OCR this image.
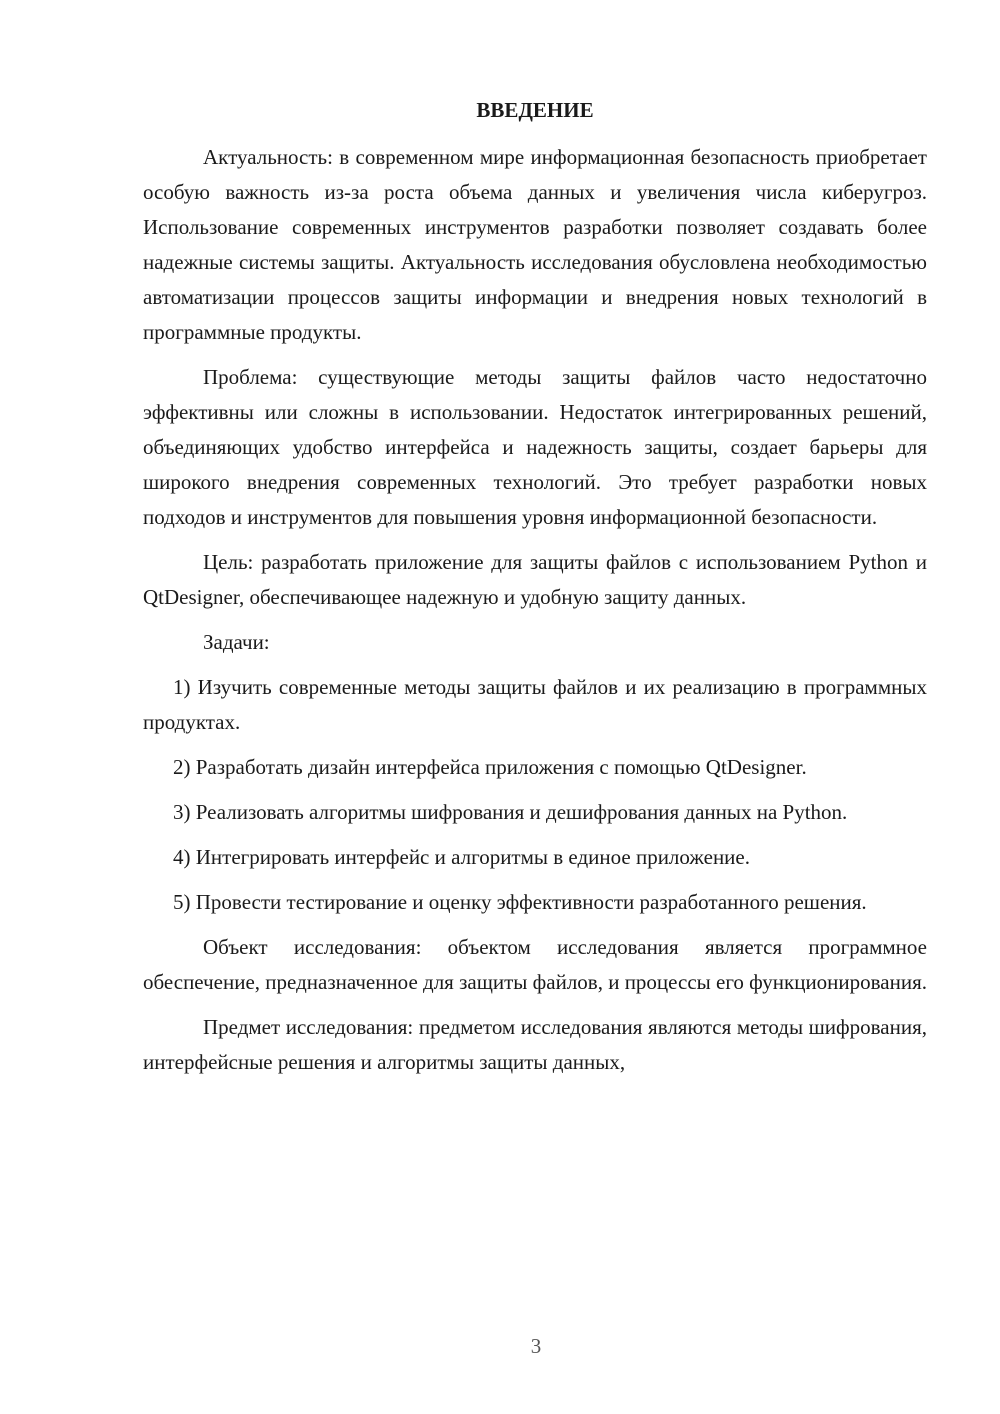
ВВЕДЕНИЕ

Актуальность: в современном мире информационная безопасность приобретает особую важность из-за роста объема данных и увеличения числа киберугроз. Использование современных инструментов разработки позволяет создавать более надежные системы защиты. Актуальность исследования обусловлена необходимостью автоматизации процессов защиты информации и внедрения новых технологий в программные продукты.

Проблема: существующие методы защиты файлов часто недостаточно эффективны или сложны в использовании. Недостаток интегрированных решений, объединяющих удобство интерфейса и надежность защиты, создает барьеры для широкого внедрения современных технологий. Это требует разработки новых подходов и инструментов для повышения уровня информационной безопасности.

Цель: разработать приложение для защиты файлов с использованием Python и QtDesigner, обеспечивающее надежную и удобную защиту данных.

Задачи:

1) Изучить современные методы защиты файлов и их реализацию в программных продуктах.

2) Разработать дизайн интерфейса приложения с помощью QtDesigner.

3) Реализовать алгоритмы шифрования и дешифрования данных на Python.

4) Интегрировать интерфейс и алгоритмы в единое приложение.

5) Провести тестирование и оценку эффективности разработанного решения.

Объект исследования: объектом исследования является программное обеспечение, предназначенное для защиты файлов, и процессы его функционирования.

Предмет исследования: предметом исследования являются методы шифрования, интерфейсные решения и алгоритмы защиты данных,

3
